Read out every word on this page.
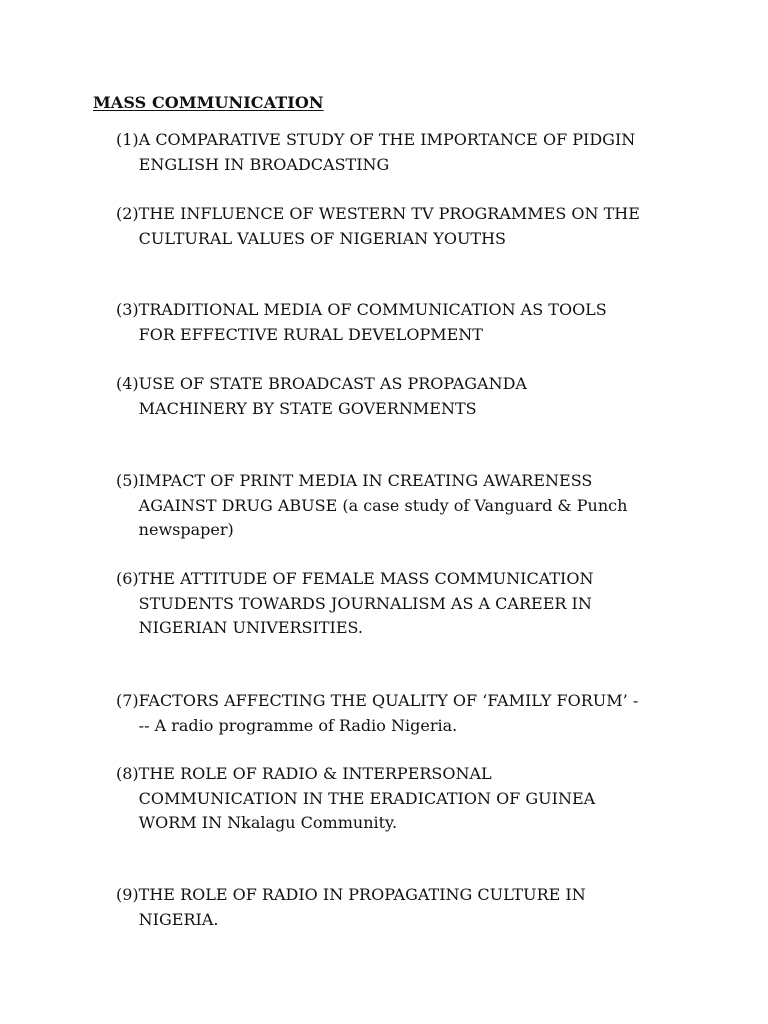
MASS COMMUNICATION
(1) A COMPARATIVE STUDY OF THE IMPORTANCE OF PIDGIN
ENGLISH IN BROADCASTING
(2) THE INFLUENCE OF WESTERN TV PROGRAMMES ON THE
CULTURAL VALUES OF NIGERIAN YOUTHS
(3) TRADITIONAL MEDIA OF COMMUNICATION AS TOOLS
FOR EFFECTIVE RURAL DEVELOPMENT
(4) USE OF STATE BROADCAST AS PROPAGANDA
MACHINERY BY STATE GOVERNMENTS
(5) IMPACT OF PRINT MEDIA IN CREATING AWARENESS
AGAINST DRUG ABUSE (a case study of Vanguard & Punch
newspaper)
(6) THE ATTITUDE OF FEMALE MASS COMMUNICATION
STUDENTS TOWARDS JOURNALISM AS A CAREER IN
NIGERIAN UNIVERSITIES.
(7) FACTORS AFFECTING THE QUALITY OF ‘FAMILY FORUM’ -
-- A radio programme of Radio Nigeria.
(8) THE ROLE OF RADIO & INTERPERSONAL
COMMUNICATION IN THE ERADICATION OF GUINEA
WORM IN Nkalagu Community.
(9) THE ROLE OF RADIO IN PROPAGATING CULTURE IN
NIGERIA.
